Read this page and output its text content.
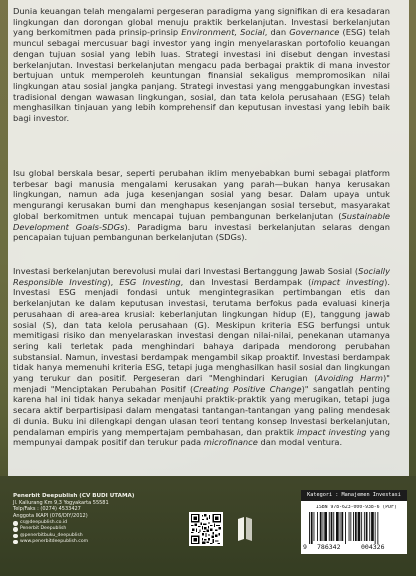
Dunia keuangan telah mengalami pergeseran paradigma yang signifikan di era kesadaran lingkungan dan dorongan global menuju praktik berkelanjutan. Investasi berkelanjutan yang berkomitmen pada prinsip-prinsip Environment, Social, dan Governance (ESG) telah muncul sebagai mercusuar bagi investor yang ingin menyelaraskan portofolio keuangan dengan tujuan sosial yang lebih luas. Strategi investasi ini disebut dengan investasi berkelanjutan. Investasi berkelanjutan mengacu pada berbagai praktik di mana investor bertujuan untuk memperoleh keuntungan finansial sekaligus mempromosikan nilai lingkungan atau sosial jangka panjang. Strategi investasi yang menggabungkan investasi tradisional dengan wawasan lingkungan, sosial, dan tata kelola perusahaan (ESG) telah menghasilkan tinjauan yang lebih komprehensif dan keputusan investasi yang lebih baik bagi investor.
Isu global berskala besar, seperti perubahan iklim menyebabkan bumi sebagai platform terbesar bagi manusia mengalami kerusakan yang parah—bukan hanya kerusakan lingkungan, namun ada juga kesenjangan sosial yang besar. Dalam upaya untuk mengurangi kerusakan bumi dan menghapus kesenjangan sosial tersebut, masyarakat global berkomitmen untuk mencapai tujuan pembangunan berkelanjutan (Sustainable Development Goals-SDGs). Paradigma baru investasi berkelanjutan selaras dengan pencapaian tujuan pembangunan berkelanjutan (SDGs).
Investasi berkelanjutan berevolusi mulai dari Investasi Bertanggung Jawab Sosial (Socially Responsible Investing), ESG Investing, dan Investasi Berdampak (impact investing). Investasi ESG menjadi fondasi untuk mengintegrasikan pertimbangan etis dan berkelanjutan ke dalam keputusan investasi, terutama berfokus pada evaluasi kinerja perusahaan di area-area krusial: keberlanjutan lingkungan hidup (E), tanggung jawab sosial (S), dan tata kelola perusahaan (G). Meskipun kriteria ESG berfungsi untuk memitigasi risiko dan menyelaraskan investasi dengan nilai-nilai, penekanan utamanya sering kali terletak pada menghindari bahaya daripada mendorong perubahan substansial. Namun, investasi berdampak mengambil sikap proaktif. Investasi berdampak tidak hanya memenuhi kriteria ESG, tetapi juga menghasilkan hasil sosial dan lingkungan yang terukur dan positif. Pergeseran dari "Menghindari Kerugian (Avoiding Harm)" menjadi "Menciptakan Perubahan Positif (Creating Positive Change)" sangatlah penting karena hal ini tidak hanya sekadar menjauhi praktik-praktik yang merugikan, tetapi juga secara aktif berpartisipasi dalam mengatasi tantangan-tantangan yang paling mendesak di dunia. Buku ini dilengkapi dengan ulasan teori tentang konsep Investasi berkelanjutan, pendalaman empiris yang mempertajam pembahasan, dan praktik impact investing yang mempunyai dampak positif dan terukur pada microfinance dan modal ventura.
Penerbit Deepublish (CV BUDI UTAMA)
Jl. Kaliurang Km 9,3 Yogyakarta 55581
Telp/Faks : (0274) 4533427
Anggota IKAPI (076/DIY/2012)
cs@deepublish.co.id
Penerbit Deepublish
@penerbitbuku_deepublish
www.penerbitdeepublish.com
Kategori : Manajemen Investasi
ISBN 978-623-000-938-6 (PDF)
9 786342	004326
